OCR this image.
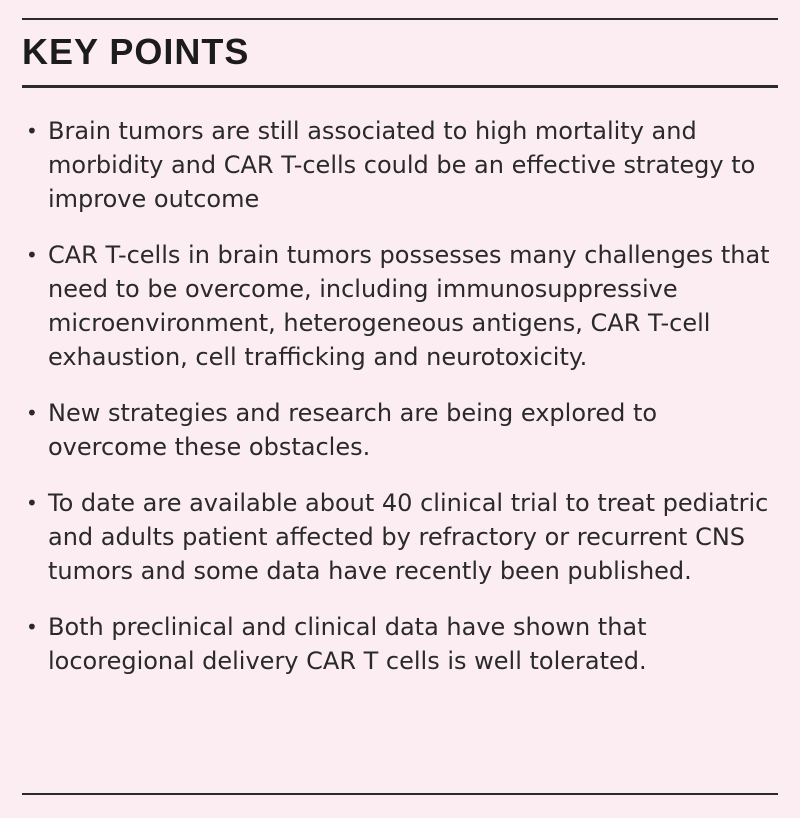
KEY POINTS
• Brain tumors are still associated to high mortality and morbidity and CAR T-cells could be an effective strategy to improve outcome
• CAR T-cells in brain tumors possesses many challenges that need to be overcome, including immunosuppressive microenvironment, heterogeneous antigens, CAR T-cell exhaustion, cell trafficking and neurotoxicity.
• New strategies and research are being explored to overcome these obstacles.
• To date are available about 40 clinical trial to treat pediatric and adults patient affected by refractory or recurrent CNS tumors and some data have recently been published.
• Both preclinical and clinical data have shown that locoregional delivery CAR T cells is well tolerated.
